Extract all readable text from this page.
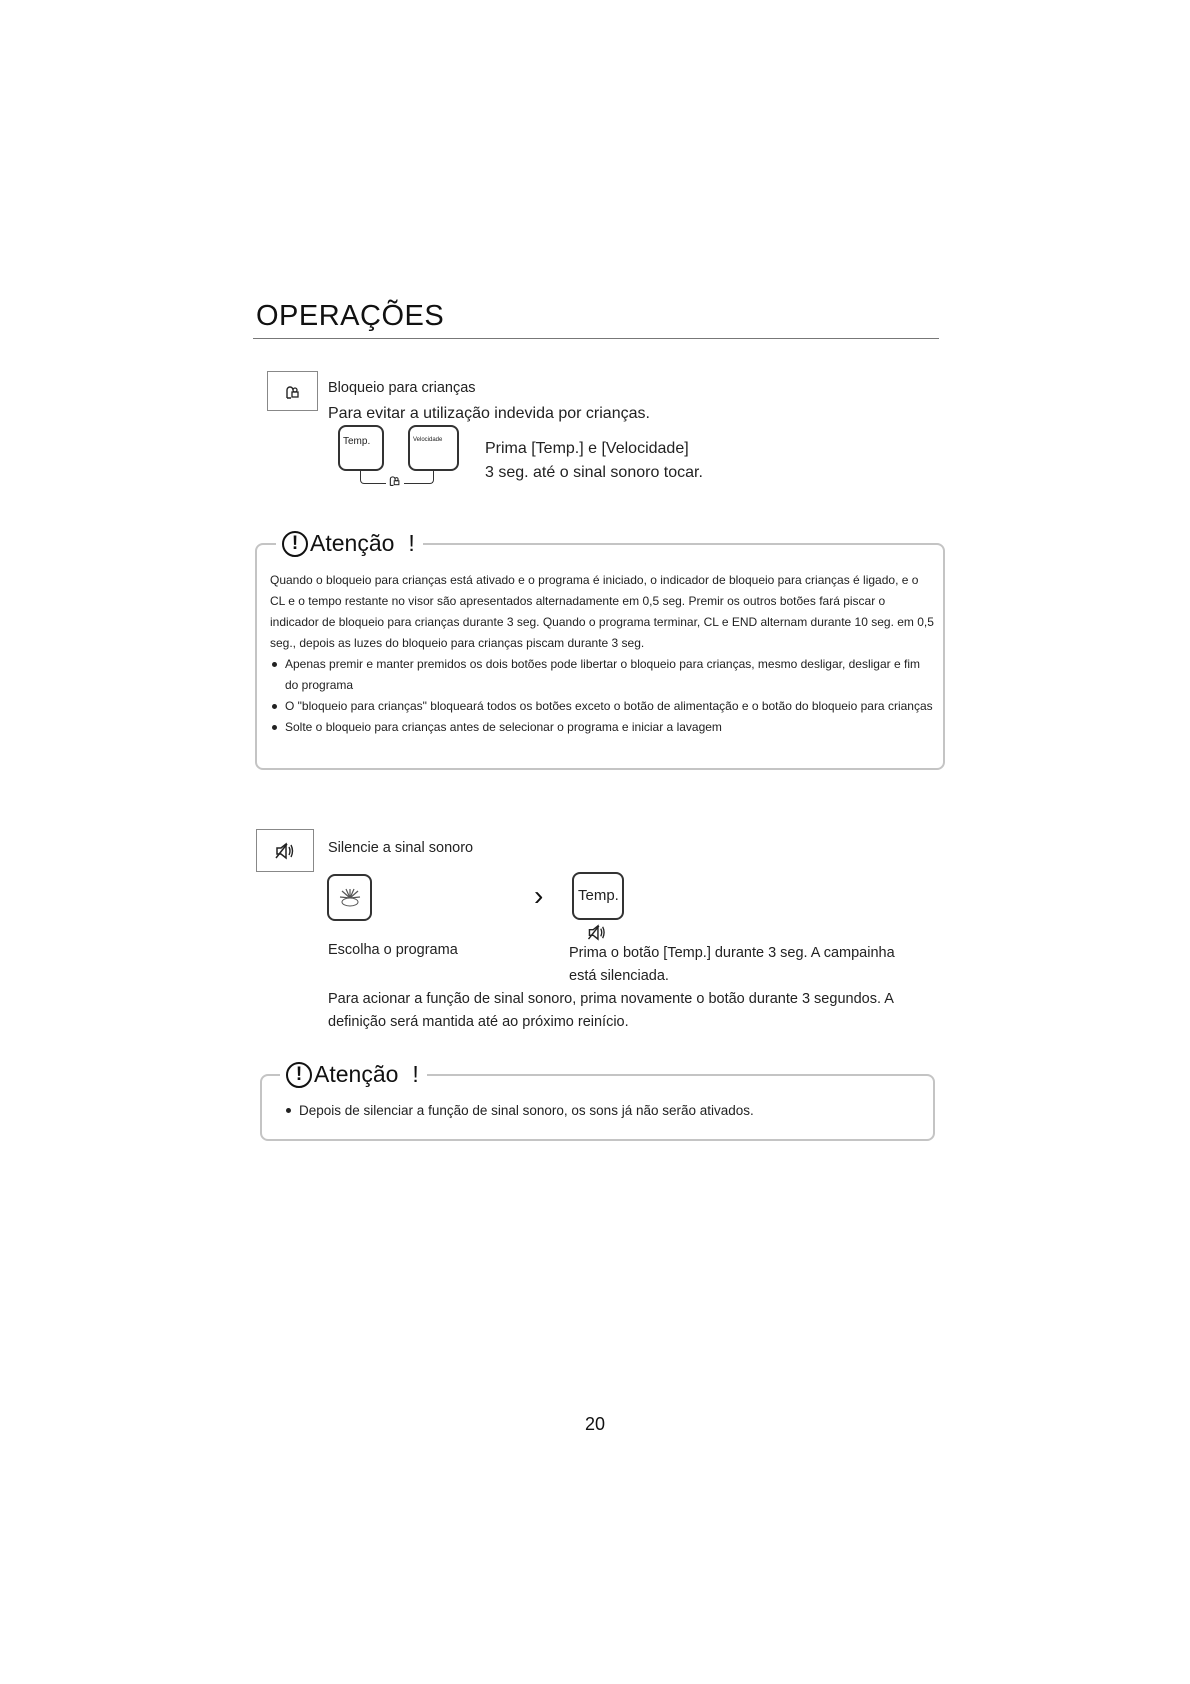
OPERAÇÕES
Bloqueio para crianças
Para evitar a utilização indevida por crianças.
Temp.	Velocidade	Prima [Temp.] e [Velocidade]
3 seg. até o sinal sonoro tocar.
! Atenção !
Quando o bloqueio para crianças está ativado e o programa é iniciado, o indicador de bloqueio para crianças é ligado, e o CL e o tempo restante no visor são apresentados alternadamente em 0,5 seg. Premir os outros botões fará piscar o indicador de bloqueio para crianças durante 3 seg. Quando o programa terminar, CL e END alternam durante 10 seg. em 0,5 seg., depois as luzes do bloqueio para crianças piscam durante 3 seg.
Apenas premir e manter premidos os dois botões pode libertar o bloqueio para crianças, mesmo desligar, desligar e fim do programa
O "bloqueio para crianças" bloqueará todos os botões exceto o botão de alimentação e o botão do bloqueio para crianças
Solte o bloqueio para crianças antes de selecionar o programa e iniciar a lavagem
Silencie a sinal sonoro
› Temp.
Escolha o programa	Prima o botão [Temp.] durante 3 seg. A campainha está silenciada.
Para acionar a função de sinal sonoro, prima novamente o botão durante 3 segundos. A definição será mantida até ao próximo reinício.
! Atenção !
Depois de silenciar a função de sinal sonoro, os sons já não serão ativados.
20
